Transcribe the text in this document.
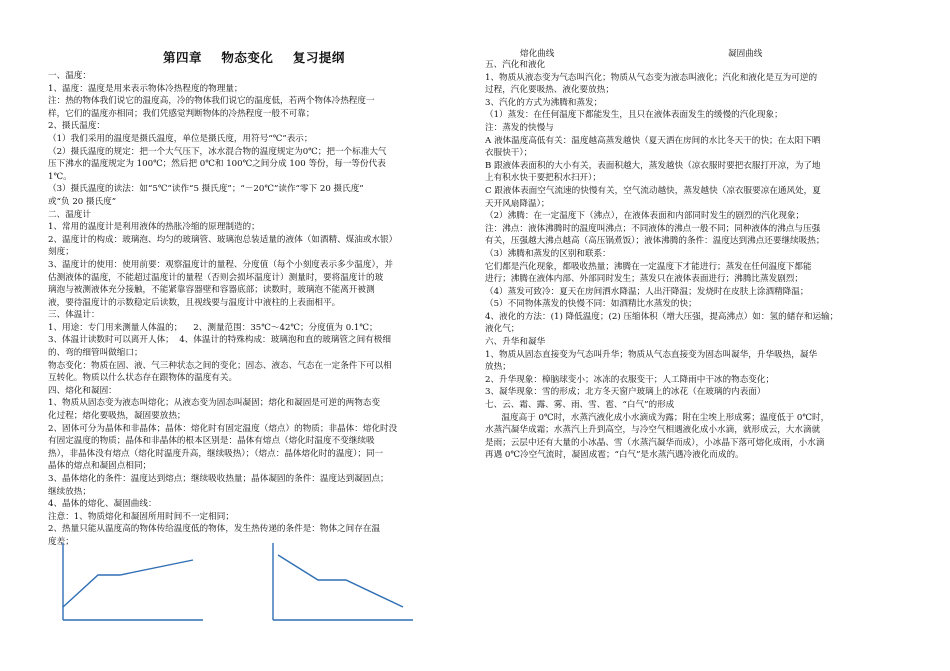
第四章    物态变化    复习提纲
一、温度：
1、温度：温度是用来表示物体冷热程度的物理量；
注：热的物体我们说它的温度高，冷的物体我们说它的温度低，若两个物体冷热程度一
样，它们的温度亦相同；我们凭感觉判断物体的冷热程度一般不可靠；
2、摄氏温度：
（1）我们采用的温度是摄氏温度，单位是摄氏度，用符号“℃”表示；
（2）摄氏温度的规定：把一个大气压下，冰水混合物的温度规定为0℃；把一个标准大气
压下沸水的温度规定为 100℃；然后把 0℃和 100℃之间分成 100 等份，每一等份代表
1℃。
（3）摄氏温度的读法：如“5℃”读作“5 摄氏度”；“－20℃”读作“零下 20 摄氏度”
或“负 20 摄氏度”
二、温度计
1、常用的温度计是利用液体的热胀冷缩的原理制造的；
2、温度计的构成：玻璃泡、均匀的玻璃管、玻璃泡总装适量的液体（如酒精、煤油或水银）
刻度；
3、温度计的使用：使用前要：观察温度计的量程、分度值（每个小刻度表示多少温度），并
估测液体的温度，不能超过温度计的量程（否则会损坏温度计）测量时，要将温度计的玻
璃泡与被测液体充分接触，不能紧靠容器壁和容器底部；读数时，玻璃泡不能离开被测
液，要待温度计的示数稳定后读数，且视线要与温度计中液柱的上表面相平。
三、体温计：
1、用途：专门用来测量人体温的；    2、测量范围：35℃～42℃；分度值为 0.1℃；
3、体温计读数时可以离开人体；  4、体温计的特殊构成：玻璃泡和直的玻璃管之间有极细
的、弯的细管叫做缩口；
物态变化：物质在固、液、气三种状态之间的变化；固态、液态、气态在一定条件下可以相
互转化。物质以什么状态存在跟物体的温度有关。
四、熔化和凝固：
1、物质从固态变为液态叫熔化；从液态变为固态叫凝固；熔化和凝固是可逆的两物态变
化过程；熔化要吸热，凝固要放热；
2、固体可分为晶体和非晶体；晶体：熔化时有固定温度（熔点）的物质；非晶体：熔化时没
有固定温度的物质；晶体和非晶体的根本区别是：晶体有熔点（熔化时温度不变继续吸
热），非晶体没有熔点（熔化时温度升高，继续吸热）；（熔点：晶体熔化时的温度）；同一
晶体的熔点和凝固点相同；
3、晶体熔化的条件：温度达到熔点；继续吸收热量；晶体凝固的条件：温度达到凝固点；
继续放热；
4、晶体的熔化、凝固曲线：
注意：1、物质熔化和凝固所用时间不一定相同；
2、热量只能从温度高的物体传给温度低的物体，发生热传递的条件是：物体之间存在温
度差；
熔化曲线	凝固曲线
五、汽化和液化
1、物质从液态变为气态叫汽化；物质从气态变为液态叫液化；汽化和液化是互为可逆的
过程，汽化要吸热、液化要放热；
3、汽化的方式为沸腾和蒸发；
（1）蒸发：在任何温度下都能发生，且只在液体表面发生的缓慢的汽化现象；
注：蒸发的快慢与
A 液体温度高低有关：温度越高蒸发越快（夏天洒在房间的水比冬天干的快；在太阳下晒
衣服快干）；
B 跟液体表面积的大小有关，表面积越大，蒸发越快（凉衣服时要把衣服打开凉，为了地
上有积水快干要把积水扫开）；
C 跟液体表面空气流速的快慢有关，空气流动越快，蒸发越快（凉衣服要凉在通风处，夏
天开风扇降温）；
（2）沸腾：在一定温度下（沸点），在液体表面和内部同时发生的剧烈的汽化现象；
注：沸点：液体沸腾时的温度叫沸点；不同液体的沸点一般不同；同种液体的沸点与压强
有关，压强越大沸点越高（高压锅煮饭）；液体沸腾的条件：温度达到沸点还要继续吸热；
（3）沸腾和蒸发的区别和联系：
它们都是汽化现象，都吸收热量；沸腾在一定温度下才能进行；蒸发在任何温度下都能
进行；沸腾在液体内部、外部同时发生；蒸发只在液体表面进行；沸腾比蒸发剧烈；
（4）蒸发可致冷：夏天在房间洒水降温；人出汗降温；发烧时在皮肤上涂酒精降温；
（5）不同物体蒸发的快慢不同：如酒精比水蒸发的快；
4、液化的方法：(1) 降低温度；(2) 压缩体积（增大压强，提高沸点）如：氢的储存和运输；
液化气；
六、升华和凝华
1、物质从固态直接变为气态叫升华；物质从气态直接变为固态叫凝华，升华吸热，凝华
放热；
2、升华现象：樟脑球变小；冰冻的衣服变干；人工降雨中干冰的物态变化；
3、凝华现象：雪的形成；北方冬天窗户玻璃上的冰花（在玻璃的内表面）
七、云、霜、露、雾、雨、雪、雹、“白气”的形成
温度高于 0℃时，水蒸汽液化成小水滴成为露；附在尘埃上形成雾；温度低于 0℃时，
水蒸汽凝华成霜；水蒸汽上升到高空，与冷空气相遇液化成小水滴，就形成云，大水滴就
是雨；云层中还有大量的小冰晶、雪（水蒸汽凝华而成），小冰晶下落可熔化成雨，小水滴
再遇 0℃冷空气流时，凝固成雹；“白气”是水蒸汽遇冷液化而成的。
